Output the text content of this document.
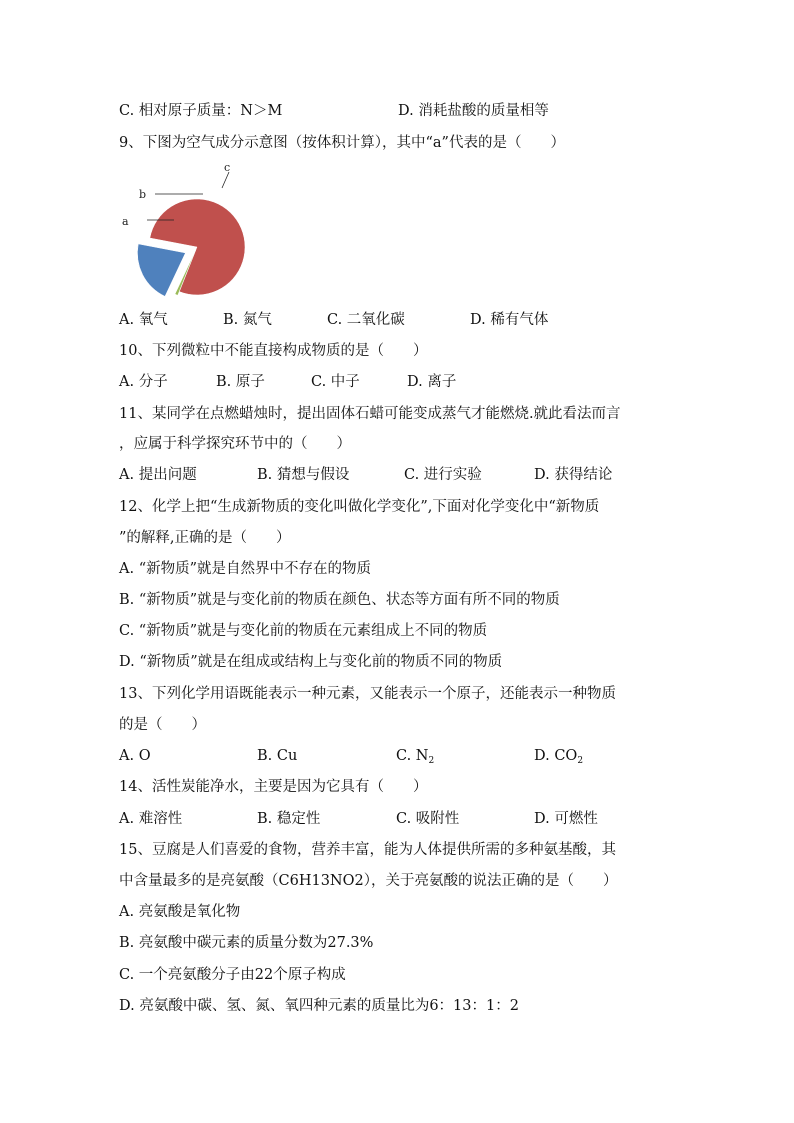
C. 相对原子质量：N＞M	D. 消耗盐酸的质量相等
9、下图为空气成分示意图（按体积计算），其中“a”代表的是（　　）
a
b
c
A. 氧气	B. 氮气	C. 二氧化碳	D. 稀有气体
10、下列微粒中不能直接构成物质的是（　　）
A. 分子	B. 原子	C. 中子	D. 离子
11、某同学在点燃蜡烛时，提出固体石蜡可能变成蒸气才能燃烧.就此看法而言
，应属于科学探究环节中的（　　）
A. 提出问题	B. 猜想与假设	C. 进行实验	D. 获得结论
12、化学上把“生成新物质的变化叫做化学变化”,下面对化学变化中“新物质
”的解释,正确的是（　　）
A. “新物质”就是自然界中不存在的物质
B. “新物质”就是与变化前的物质在颜色、状态等方面有所不同的物质
C. “新物质”就是与变化前的物质在元素组成上不同的物质
D. “新物质”就是在组成或结构上与变化前的物质不同的物质
13、下列化学用语既能表示一种元素，又能表示一个原子，还能表示一种物质
的是（　　）
A. O	B. Cu	C. $N_2$	D. $CO_2$
14、活性炭能净水，主要是因为它具有（　　）
A. 难溶性	B. 稳定性	C. 吸附性	D. 可燃性
15、豆腐是人们喜爱的食物，营养丰富，能为人体提供所需的多种氨基酸，其
中含量最多的是亮氨酸（C6H13NO2），关于亮氨酸的说法正确的是（　　）
A. 亮氨酸是氧化物
B. 亮氨酸中碳元素的质量分数为27.3%
C. 一个亮氨酸分子由22个原子构成
D. 亮氨酸中碳、氢、氮、氧四种元素的质量比为6：13：1：2
